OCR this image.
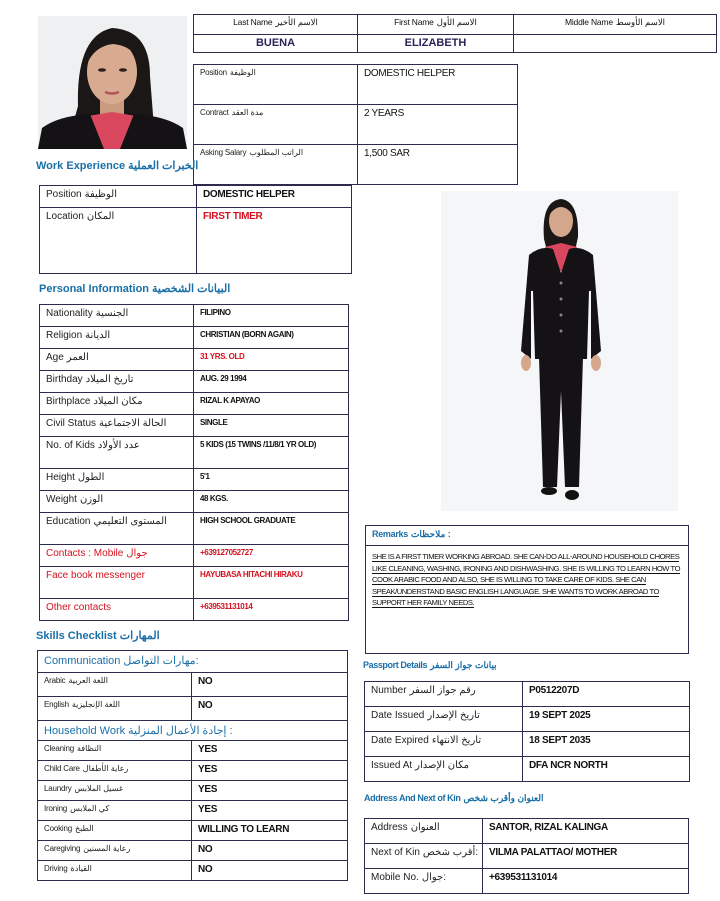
Last Name الاسم الأخير	First Name الاسم الأول	Middle Name الاسم الأوسط
BUENA	ELIZABETH	
Position الوظيفة	DOMESTIC HELPER
Contract مدة العقد	2 YEARS
Asking Salary الراتب المطلوب	1,500 SAR
Work Experience الخبرات العملية
Position الوظيفة	DOMESTIC HELPER
Location المكان	FIRST TIMER
Personal Information البيانات الشخصية
Nationality الجنسية	FILIPINO
Religion الديانة	CHRISTIAN (BORN AGAIN)
Age العمر	31 YRS. OLD
Birthday تاريخ الميلاد	AUG. 29 1994
Birthplace مكان الميلاد	RIZAL K APAYAO
Civil Status الحالة الاجتماعية	SINGLE
No. of Kids عدد الأولاد	5 KIDS (15 TWINS /11/8/1 YR OLD)
Height الطول	5'1
Weight الوزن	48 KGS.
Education المستوى التعليمي	HIGH SCHOOL GRADUATE
Contacts : Mobile جوال	+639127052727
Face book messenger	HAYUBASA HITACHI HIRAKU
Other contacts	+639531131014
Skills Checklist المهارات
Communication مهارات التواصل:	
Arabic اللغة العربية	NO
English اللغة الإنجليزية	NO
Household Work إجادة الأعمال المنزلية :	
Cleaning النظافة	YES
Child Care رعاية الأطفال	YES
Laundry غسيل الملابس	YES
Ironing كي الملابس	YES
Cooking الطبخ	WILLING TO LEARN
Caregiving رعاية المسنين	NO
Driving القيادة	NO
Remarks ملاحظات :
SHE IS A FIRST TIMER WORKING ABROAD. SHE CAN-DO ALL-AROUND HOUSEHOLD CHORES LIKE CLEANING, WASHING, IRONING AND DISHWASHING. SHE IS WILLING TO LEARN HOW TO COOK ARABIC FOOD AND ALSO, SHE IS WILLING TO TAKE CARE OF KIDS. SHE CAN SPEAK/UNDERSTAND BASIC ENGLISH LANGUAGE. SHE WANTS TO WORK ABROAD TO SUPPORT HER FAMILY NEEDS.
Passport Details بيانات جواز السفر
Number رقم جواز السفر	P0512207D
Date Issued تاريخ الإصدار	19 SEPT 2025
Date Expired تاريخ الانتهاء	18 SEPT 2035
Issued At مكان الإصدار	DFA NCR NORTH
Address And Next of Kin العنوان وأقرب شخص
Address العنوان	SANTOR, RIZAL KALINGA
Next of Kin أقرب شخص:	VILMA PALATTAO/ MOTHER
Mobile No. جوال:	+639531131014
